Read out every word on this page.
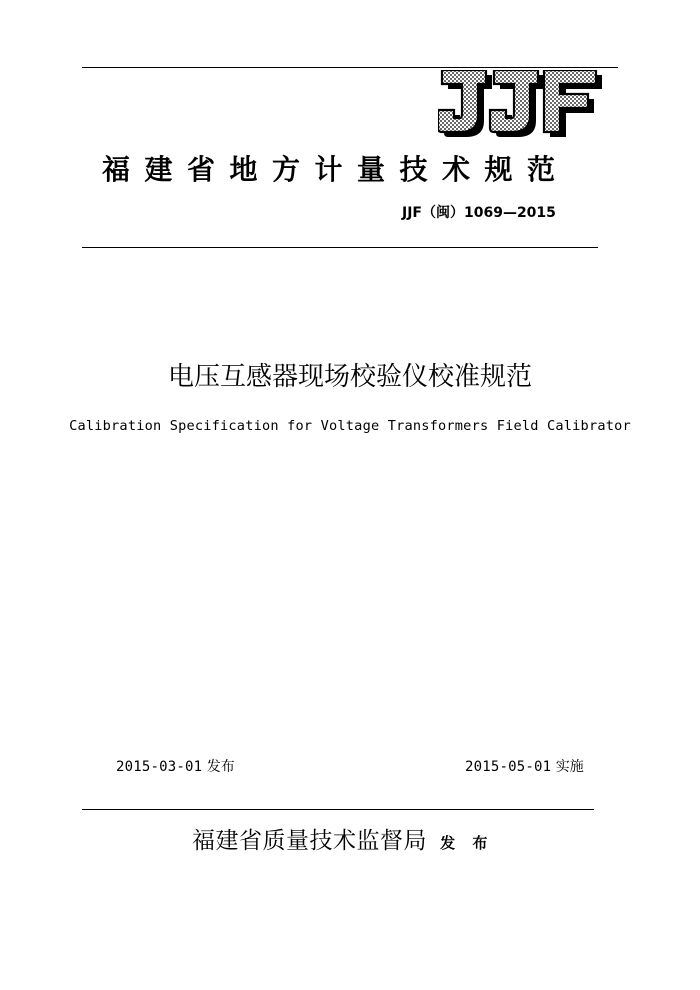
福建省地方计量技术规范
JJF（闽）1069—2015
电压互感器现场校验仪校准规范
Calibration Specification for Voltage Transformers Field Calibrator
2015-03-01 发布	2015-05-01 实施
福建省质量技术监督局 发 布
